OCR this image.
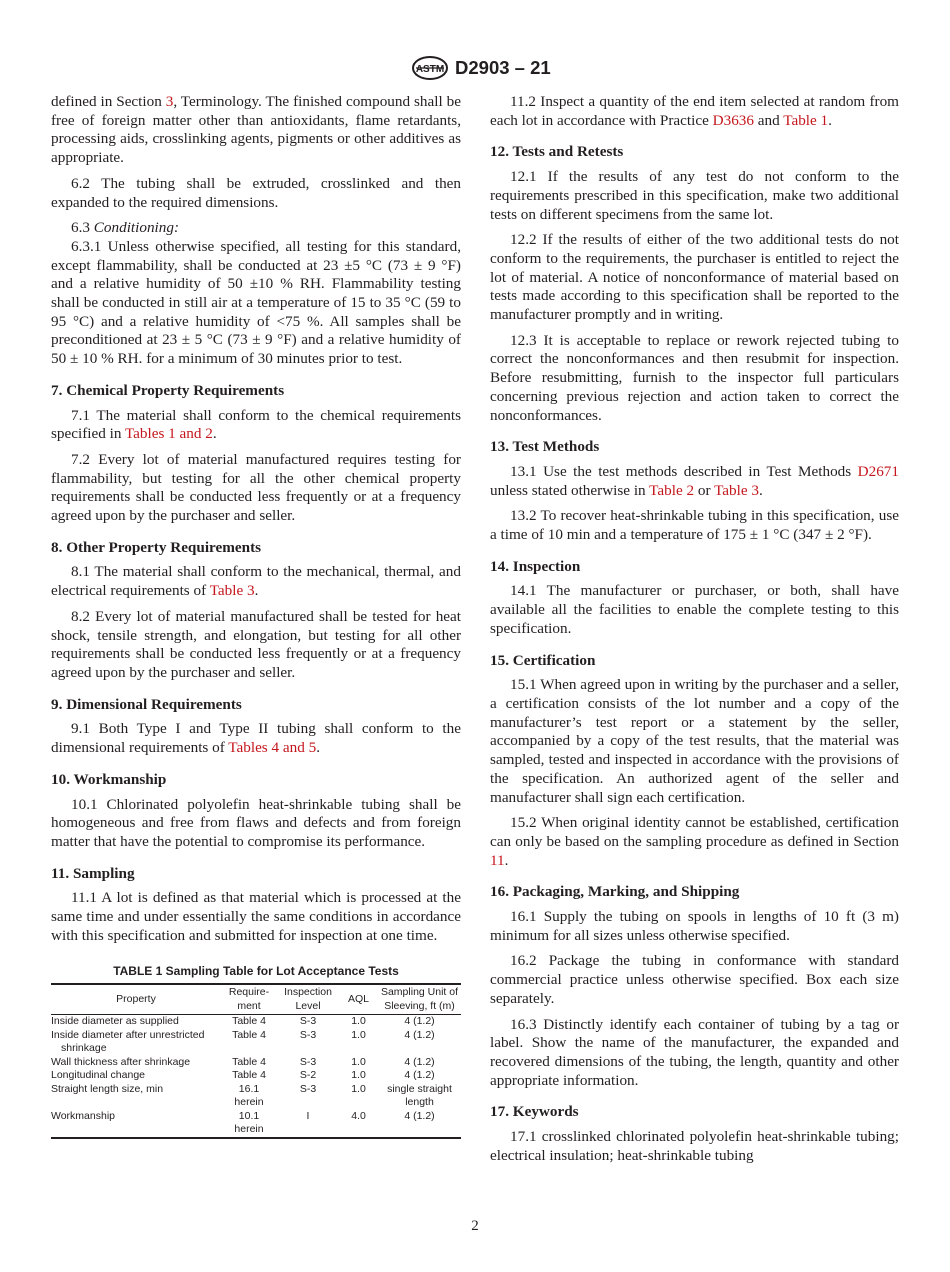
ASTM D2903 – 21

defined in Section 3, Terminology. The finished compound shall be free of foreign matter other than antioxidants, flame retardants, processing aids, crosslinking agents, pigments or other additives as appropriate.

6.2 The tubing shall be extruded, crosslinked and then expanded to the required dimensions.

6.3 Conditioning:

6.3.1 Unless otherwise specified, all testing for this standard, except flammability, shall be conducted at 23 ±5 °C (73 ± 9 °F) and a relative humidity of 50 ±10 % RH. Flammability testing shall be conducted in still air at a temperature of 15 to 35 °C (59 to 95 °C) and a relative humidity of <75 %. All samples shall be preconditioned at 23 ± 5 °C (73 ± 9 °F) and a relative humidity of 50 ± 10 % RH. for a minimum of 30 minutes prior to test.

7. Chemical Property Requirements

7.1 The material shall conform to the chemical requirements specified in Tables 1 and 2.

7.2 Every lot of material manufactured requires testing for flammability, but testing for all the other chemical property requirements shall be conducted less frequently or at a frequency agreed upon by the purchaser and seller.

8. Other Property Requirements

8.1 The material shall conform to the mechanical, thermal, and electrical requirements of Table 3.

8.2 Every lot of material manufactured shall be tested for heat shock, tensile strength, and elongation, but testing for all other requirements shall be conducted less frequently or at a frequency agreed upon by the purchaser and seller.

9. Dimensional Requirements

9.1 Both Type I and Type II tubing shall conform to the dimensional requirements of Tables 4 and 5.

10. Workmanship

10.1 Chlorinated polyolefin heat-shrinkable tubing shall be homogeneous and free from flaws and defects and from foreign matter that have the potential to compromise its performance.

11. Sampling

11.1 A lot is defined as that material which is processed at the same time and under essentially the same conditions in accordance with this specification and submitted for inspection at one time.

TABLE 1 Sampling Table for Lot Acceptance Tests
Property	Require-ment	Inspection Level	AQL	Sampling Unit of Sleeving, ft (m)

Inside diameter as supplied	Table 4	S-3	1.0	4 (1.2)

Inside diameter after unrestricted shrinkage	Table 4	S-3	1.0	4 (1.2)

Wall thickness after shrinkage	Table 4	S-3	1.0	4 (1.2)

Longitudinal change	Table 4	S-2	1.0	4 (1.2)

Straight length size, min	16.1 herein	S-3	1.0	single straight length

Workmanship	10.1 herein	I	4.0	4 (1.2)

11.2 Inspect a quantity of the end item selected at random from each lot in accordance with Practice D3636 and Table 1.

12. Tests and Retests

12.1 If the results of any test do not conform to the requirements prescribed in this specification, make two additional tests on different specimens from the same lot.

12.2 If the results of either of the two additional tests do not conform to the requirements, the purchaser is entitled to reject the lot of material. A notice of nonconformance of material based on tests made according to this specification shall be reported to the manufacturer promptly and in writing.

12.3 It is acceptable to replace or rework rejected tubing to correct the nonconformances and then resubmit for inspection. Before resubmitting, furnish to the inspector full particulars concerning previous rejection and action taken to correct the nonconformances.

13. Test Methods

13.1 Use the test methods described in Test Methods D2671 unless stated otherwise in Table 2 or Table 3.

13.2 To recover heat-shrinkable tubing in this specification, use a time of 10 min and a temperature of 175 ± 1 °C (347 ± 2 °F).

14. Inspection

14.1 The manufacturer or purchaser, or both, shall have available all the facilities to enable the complete testing to this specification.

15. Certification

15.1 When agreed upon in writing by the purchaser and a seller, a certification consists of the lot number and a copy of the manufacturer’s test report or a statement by the seller, accompanied by a copy of the test results, that the material was sampled, tested and inspected in accordance with the provisions of the specification. An authorized agent of the seller and manufacturer shall sign each certification.

15.2 When original identity cannot be established, certification can only be based on the sampling procedure as defined in Section 11.

16. Packaging, Marking, and Shipping

16.1 Supply the tubing on spools in lengths of 10 ft (3 m) minimum for all sizes unless otherwise specified.

16.2 Package the tubing in conformance with standard commercial practice unless otherwise specified. Box each size separately.

16.3 Distinctly identify each container of tubing by a tag or label. Show the name of the manufacturer, the expanded and recovered dimensions of the tubing, the length, quantity and other appropriate information.

17. Keywords

17.1 crosslinked chlorinated polyolefin heat-shrinkable tubing; electrical insulation; heat-shrinkable tubing

2
